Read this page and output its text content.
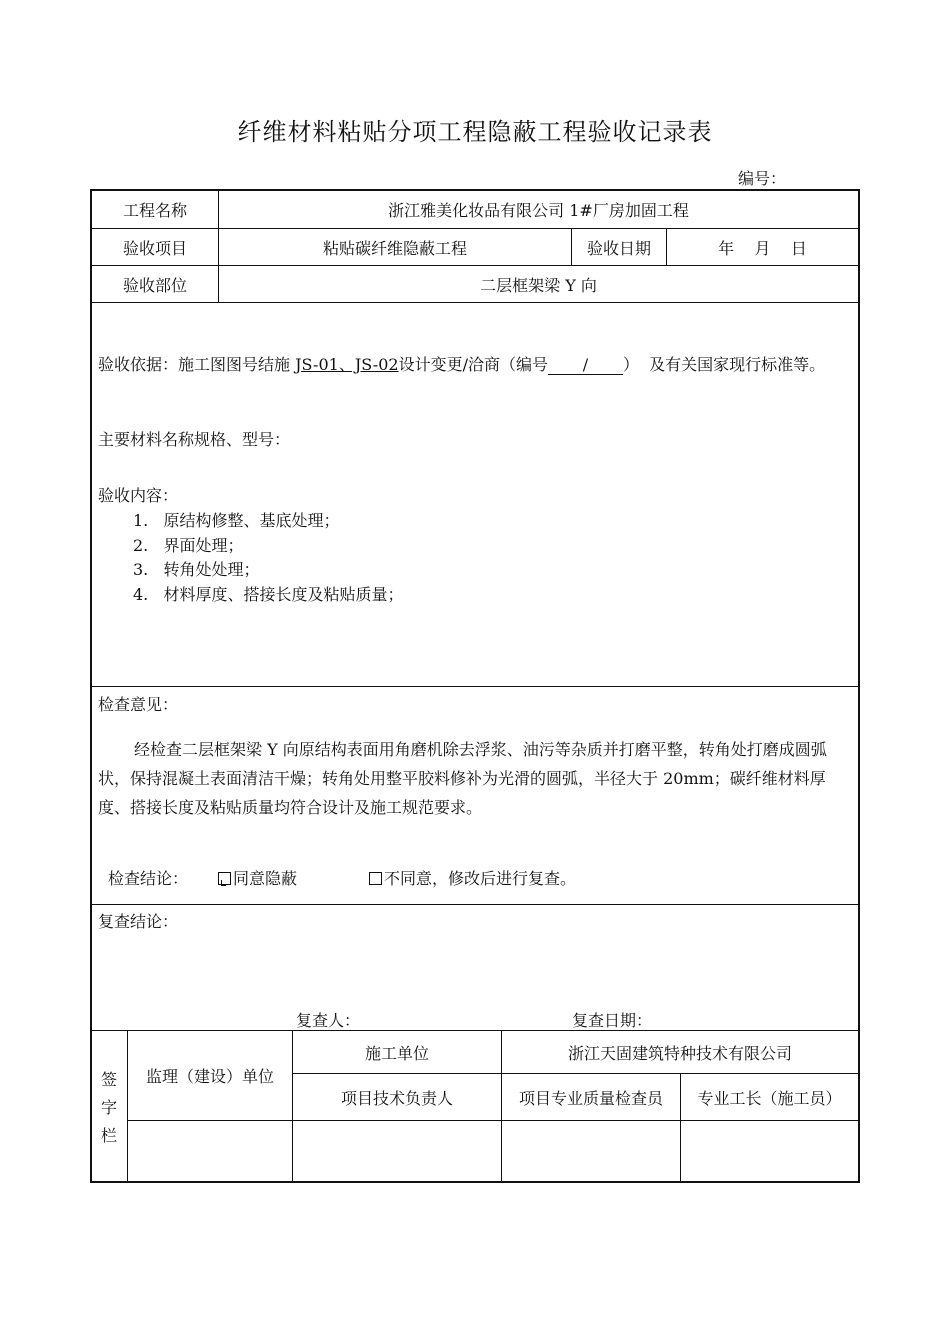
纤维材料粘贴分项工程隐蔽工程验收记录表
编号：
工程名称	浙江雅美化妆品有限公司 1#厂房加固工程
验收项目	粘贴碳纤维隐蔽工程	验收日期	年    月    日
验收部位	二层框架梁 Y 向
验收依据：施工图图号结施 JS-01、JS-02设计变更/洽商（编号 / ）  及有关国家现行标准等。
主要材料名称规格、型号：
验收内容：
1.   原结构修整、基底处理；
2.   界面处理；
3.   转角处处理；
4.   材料厚度、搭接长度及粘贴质量；
检查意见：
经检查二层框架梁 Y 向原结构表面用角磨机除去浮浆、油污等杂质并打磨平整，转角处打磨成圆弧状，保持混凝土表面清洁干燥；转角处用整平胶料修补为光滑的圆弧，半径大于 20mm；碳纤维材料厚度、搭接长度及粘贴质量均符合设计及施工规范要求。
检查结论：	同意隐蔽	不同意，修改后进行复查。
复查结论：
复查人：	复查日期：
签
字
栏
监理（建设）单位
施工单位	浙江天固建筑特种技术有限公司
项目技术负责人	项目专业质量检查员	专业工长（施工员）
